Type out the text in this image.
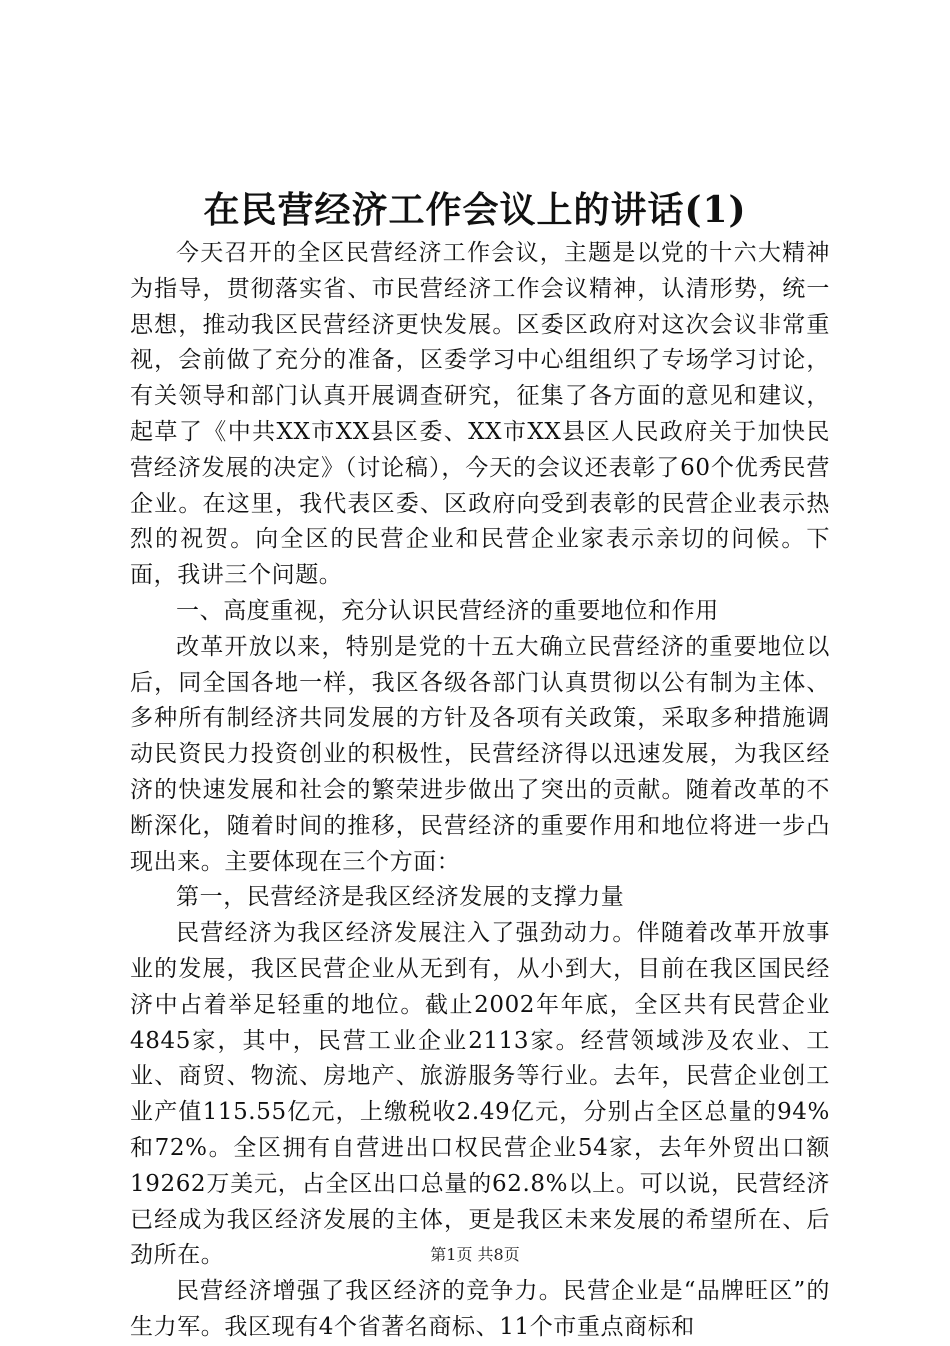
在民营经济工作会议上的讲话(1)

今天召开的全区民营经济工作会议，主题是以党的十六大精神为指导，贯彻落实省、市民营经济工作会议精神，认清形势，统一思想，推动我区民营经济更快发展。区委区政府对这次会议非常重视，会前做了充分的准备，区委学习中心组组织了专场学习讨论，有关领导和部门认真开展调查研究，征集了各方面的意见和建议，起草了《中共XX市XX县区委、XX市XX县区人民政府关于加快民营经济发展的决定》（讨论稿），今天的会议还表彰了60个优秀民营企业。在这里，我代表区委、区政府向受到表彰的民营企业表示热烈的祝贺。向全区的民营企业和民营企业家表示亲切的问候。下面，我讲三个问题。

一、高度重视，充分认识民营经济的重要地位和作用

改革开放以来，特别是党的十五大确立民营经济的重要地位以后，同全国各地一样，我区各级各部门认真贯彻以公有制为主体、多种所有制经济共同发展的方针及各项有关政策，采取多种措施调动民资民力投资创业的积极性，民营经济得以迅速发展，为我区经济的快速发展和社会的繁荣进步做出了突出的贡献。随着改革的不断深化，随着时间的推移，民营经济的重要作用和地位将进一步凸现出来。主要体现在三个方面：

第一，民营经济是我区经济发展的支撑力量

民营经济为我区经济发展注入了强劲动力。伴随着改革开放事业的发展，我区民营企业从无到有，从小到大，目前在我区国民经济中占着举足轻重的地位。截止2002年年底，全区共有民营企业4845家，其中，民营工业企业2113家。经营领域涉及农业、工业、商贸、物流、房地产、旅游服务等行业。去年，民营企业创工业产值115.55亿元，上缴税收2.49亿元，分别占全区总量的94%和72%。全区拥有自营进出口权民营企业54家，去年外贸出口额19262万美元，占全区出口总量的62.8%以上。可以说，民营经济已经成为我区经济发展的主体，更是我区未来发展的希望所在、后劲所在。

民营经济增强了我区经济的竞争力。民营企业是“品牌旺区”的生力军。我区现有4个省著名商标、11个市重点商标和

第1页 共8页
